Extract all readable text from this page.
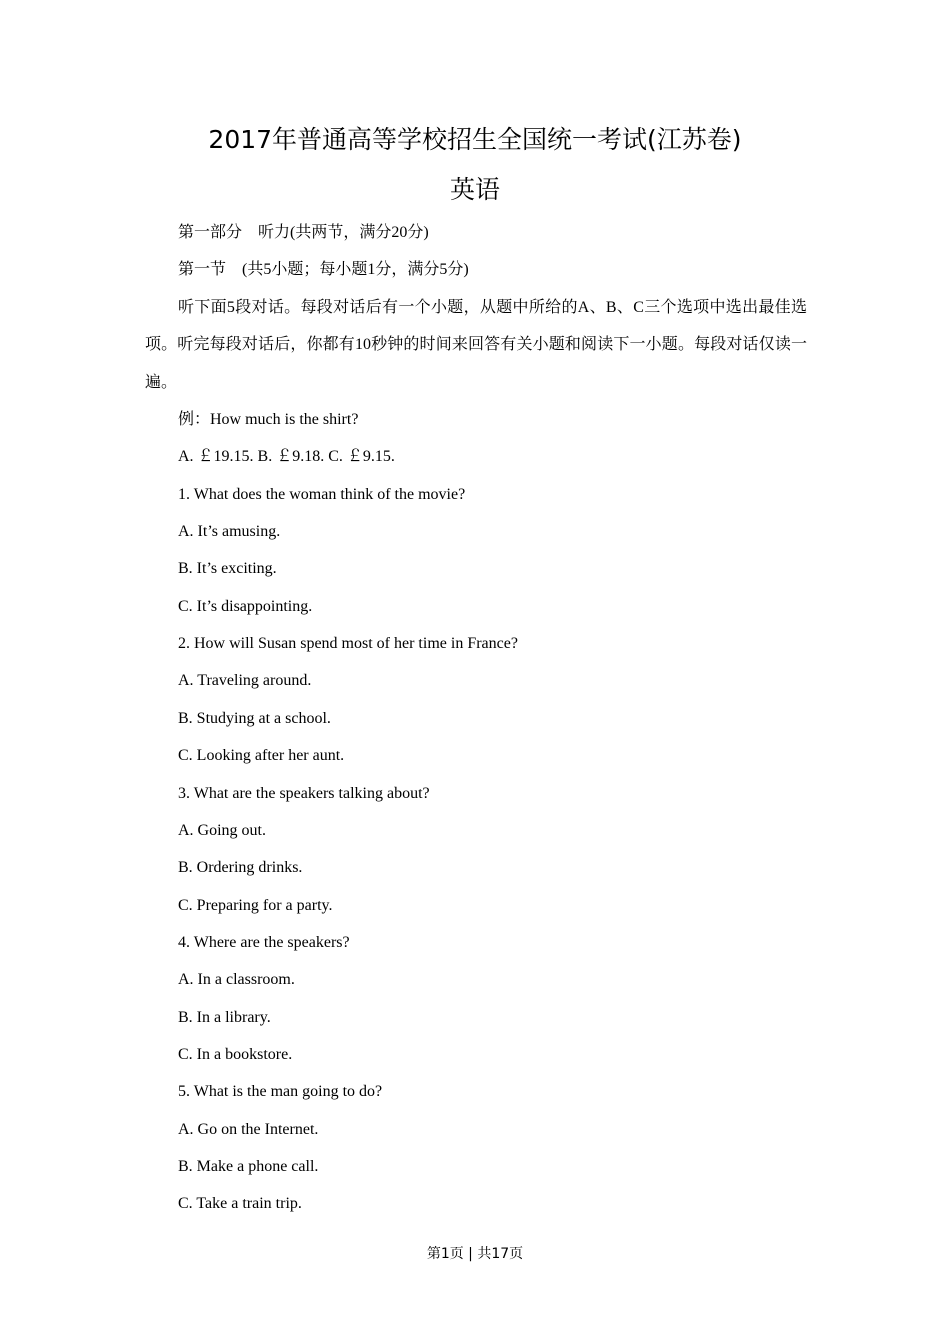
2017年普通高等学校招生全国统一考试(江苏卷)
英语
第一部分　听力(共两节，满分20分)
第一节　(共5小题；每小题1分，满分5分)
听下面5段对话。每段对话后有一个小题，从题中所给的A、B、C三个选项中选出最佳选项。听完每段对话后，你都有10秒钟的时间来回答有关小题和阅读下一小题。每段对话仅读一遍。
例：How much is the shirt?
A. ￡19.15. B. ￡9.18. C. ￡9.15.
1. What does the woman think of the movie?
A. It’s amusing.
B. It’s exciting.
C. It’s disappointing.
2. How will Susan spend most of her time in France?
A. Traveling around.
B. Studying at a school.
C. Looking after her aunt.
3. What are the speakers talking about?
A. Going out.
B. Ordering drinks.
C. Preparing for a party.
4. Where are the speakers?
A. In a classroom.
B. In a library.
C. In a bookstore.
5. What is the man going to do?
A. Go on the Internet.
B. Make a phone call.
C. Take a train trip.
第1页 | 共17页
